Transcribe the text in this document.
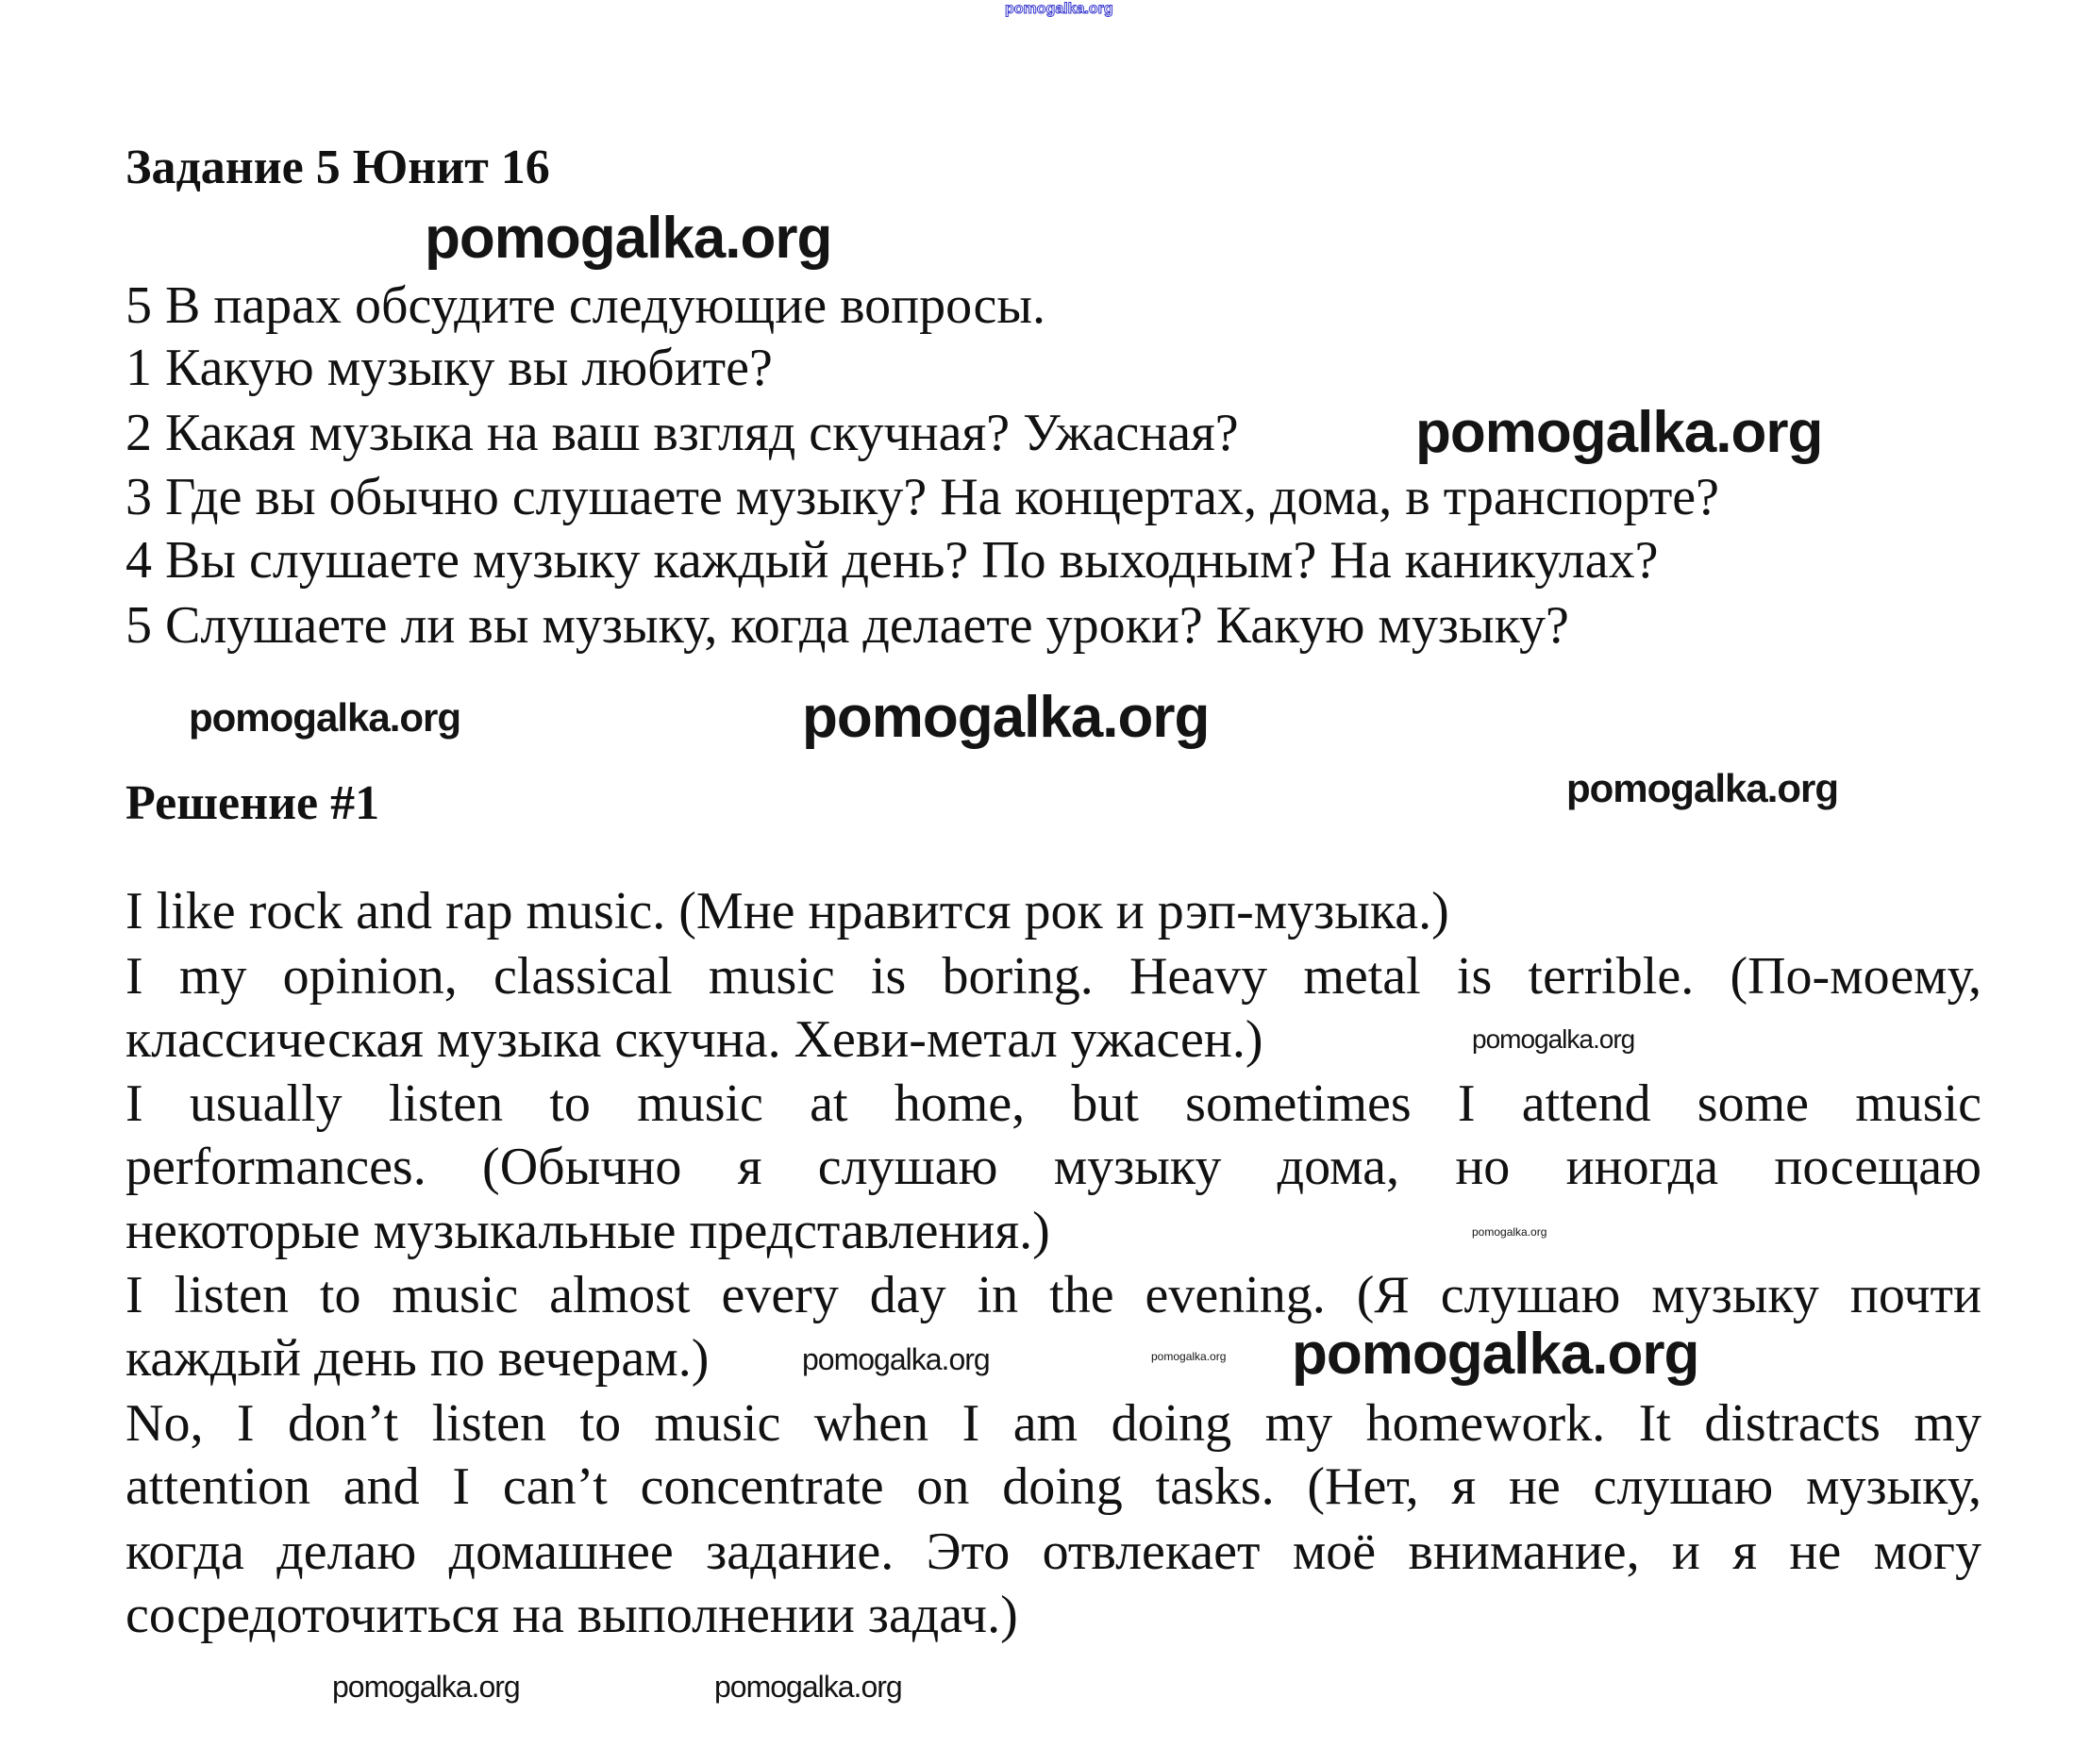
pomogalka.org
Задание 5 Юнит 16
5 В парах обсудите следующие вопросы.
1 Какую музыку вы любите?
2 Какая музыка на ваш взгляд скучная? Ужасная?
3 Где вы обычно слушаете музыку? На концертах, дома, в транспорте?
4 Вы слушаете музыку каждый день? По выходным? На каникулах?
5 Слушаете ли вы музыку, когда делаете уроки? Какую музыку?
Решение #1
I like rock and rap music. (Мне нравится рок и рэп-музыка.)
I my opinion, classical music is boring. Heavy metal is terrible. (По-моему,
классическая музыка скучна. Хеви-метал ужасен.)
I usually listen to music at home, but sometimes I attend some music
performances. (Обычно я слушаю музыку дома, но иногда посещаю
некоторые музыкальные представления.)
I listen to music almost every day in the evening. (Я слушаю музыку почти
каждый день по вечерам.)
No, I don’t listen to music when I am doing my homework. It distracts my
attention and I can’t concentrate on doing tasks. (Нет, я не слушаю музыку,
когда делаю домашнее задание. Это отвлекает моё внимание, и я не могу
сосредоточиться на выполнении задач.)
pomogalka.org
pomogalka.org
pomogalka.org
pomogalka.org	pomogalka.org
pomogalka.org
pomogalka.org
pomogalka.org	pomogalka.org pomogalka.org
pomogalka.org	pomogalka.org
